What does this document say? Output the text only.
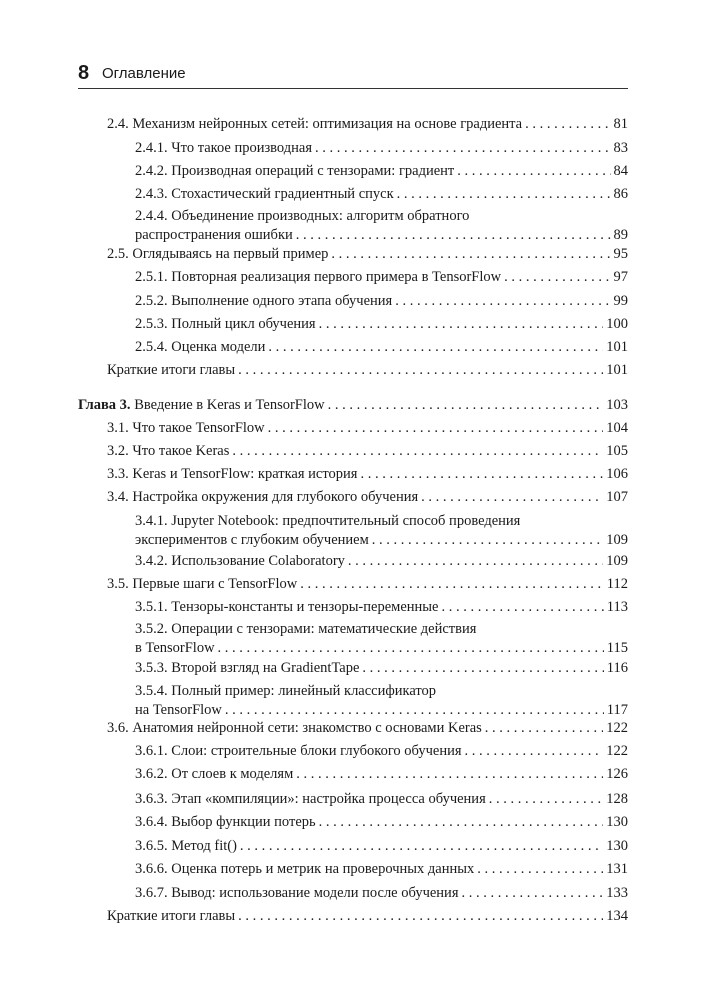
8 Оглавление
2.4. Механизм нейронных сетей: оптимизация на основе градиента . . .	81
2.4.1. Что такое производная . . .	83
2.4.2. Производная операций с тензорами: градиент . . .	84
2.4.3. Стохастический градиентный спуск . . .	86
2.4.4. Объединение производных: алгоритм обратного
распространения ошибки . . .	89
2.5. Оглядываясь на первый пример . . .	95
2.5.1. Повторная реализация первого примера в TensorFlow . . .	97
2.5.2. Выполнение одного этапа обучения . . .	99
2.5.3. Полный цикл обучения . . .	100
2.5.4. Оценка модели . . .	101
Краткие итоги главы . . .	101
Глава 3. Введение в Keras и TensorFlow . . .	103
3.1. Что такое TensorFlow . . .	104
3.2. Что такое Keras . . .	105
3.3. Keras и TensorFlow: краткая история . . .	106
3.4. Настройка окружения для глубокого обучения . . .	107
3.4.1. Jupyter Notebook: предпочтительный способ проведения
экспериментов с глубоким обучением . . .	109
3.4.2. Использование Colaboratory . . .	109
3.5. Первые шаги с TensorFlow . . .	112
3.5.1. Тензоры-константы и тензоры-переменные . . .	113
3.5.2. Операции с тензорами: математические действия
в TensorFlow . . .	115
3.5.3. Второй взгляд на GradientTape . . .	116
3.5.4. Полный пример: линейный классификатор
на TensorFlow . . .	117
3.6. Анатомия нейронной сети: знакомство с основами Keras . . .	122
3.6.1. Слои: строительные блоки глубокого обучения . . .	122
3.6.2. От слоев к моделям . . .	126
3.6.3. Этап «компиляции»: настройка процесса обучения . . .	128
3.6.4. Выбор функции потерь . . .	130
3.6.5. Метод fit() . . .	130
3.6.6. Оценка потерь и метрик на проверочных данных . . .	131
3.6.7. Вывод: использование модели после обучения . . .	133
Краткие итоги главы . . .	134
